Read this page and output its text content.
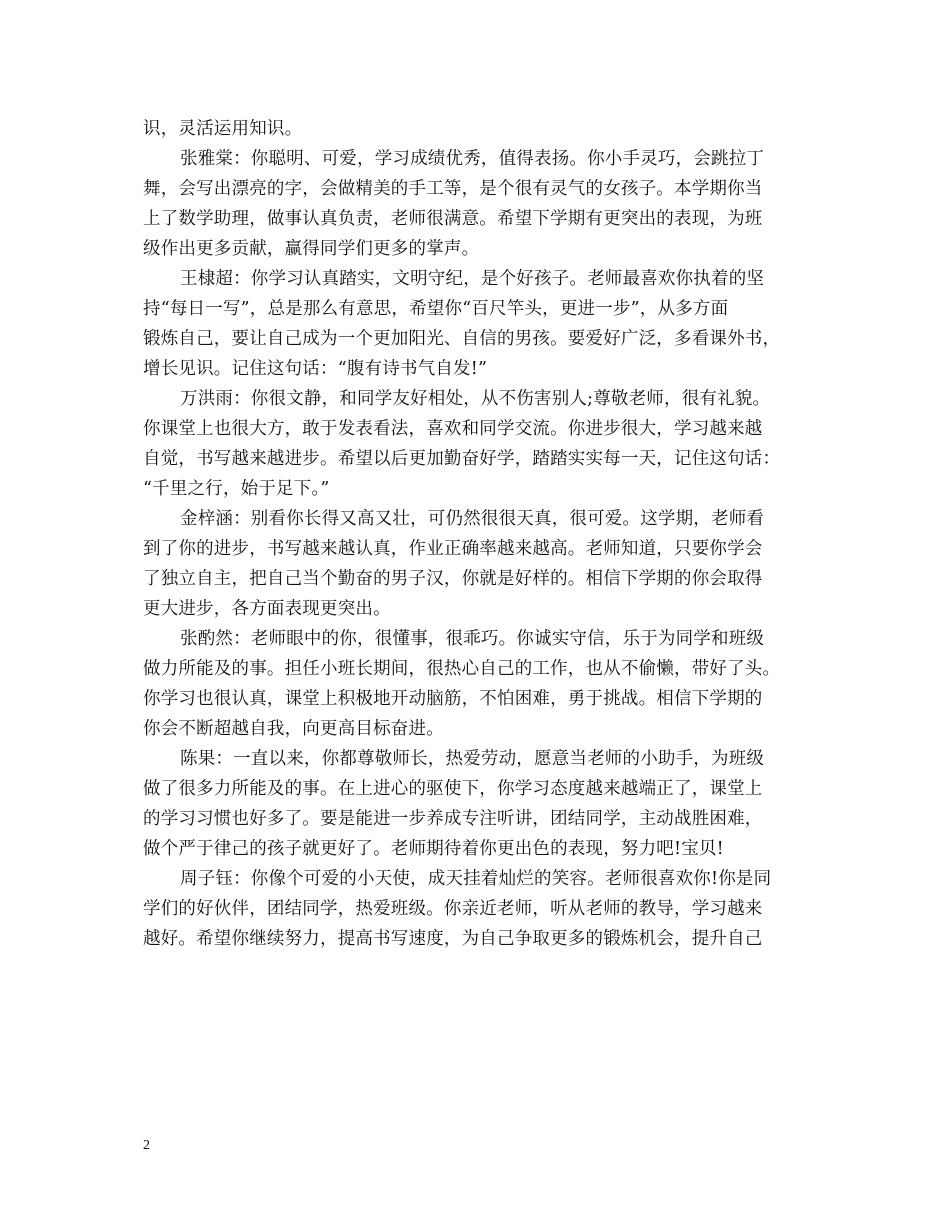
识，灵活运用知识。
张雅棠：你聪明、可爱，学习成绩优秀，值得表扬。你小手灵巧，会跳拉丁
舞，会写出漂亮的字，会做精美的手工等，是个很有灵气的女孩子。本学期你当
上了数学助理，做事认真负责，老师很满意。希望下学期有更突出的表现，为班
级作出更多贡献，赢得同学们更多的掌声。
王棣超：你学习认真踏实，文明守纪，是个好孩子。老师最喜欢你执着的坚
持“每日一写”，总是那么有意思，希望你“百尺竿头，更进一步”，从多方面
锻炼自己，要让自己成为一个更加阳光、自信的男孩。要爱好广泛，多看课外书，
增长见识。记住这句话：“腹有诗书气自发!”
万洪雨：你很文静，和同学友好相处，从不伤害别人;尊敬老师，很有礼貌。
你课堂上也很大方，敢于发表看法，喜欢和同学交流。你进步很大，学习越来越
自觉，书写越来越进步。希望以后更加勤奋好学，踏踏实实每一天，记住这句话：
“千里之行，始于足下。”
金梓涵：别看你长得又高又壮，可仍然很很天真，很可爱。这学期，老师看
到了你的进步，书写越来越认真，作业正确率越来越高。老师知道，只要你学会
了独立自主，把自己当个勤奋的男子汉，你就是好样的。相信下学期的你会取得
更大进步，各方面表现更突出。
张酌然：老师眼中的你，很懂事，很乖巧。你诚实守信，乐于为同学和班级
做力所能及的事。担任小班长期间，很热心自己的工作，也从不偷懒，带好了头。
你学习也很认真，课堂上积极地开动脑筋，不怕困难，勇于挑战。相信下学期的
你会不断超越自我，向更高目标奋进。
陈果：一直以来，你都尊敬师长，热爱劳动，愿意当老师的小助手，为班级
做了很多力所能及的事。在上进心的驱使下，你学习态度越来越端正了，课堂上
的学习习惯也好多了。要是能进一步养成专注听讲，团结同学，主动战胜困难，
做个严于律己的孩子就更好了。老师期待着你更出色的表现，努力吧!宝贝!
周子钰：你像个可爱的小天使，成天挂着灿烂的笑容。老师很喜欢你!你是同
学们的好伙伴，团结同学，热爱班级。你亲近老师，听从老师的教导，学习越来
越好。希望你继续努力，提高书写速度，为自己争取更多的锻炼机会，提升自己
2
